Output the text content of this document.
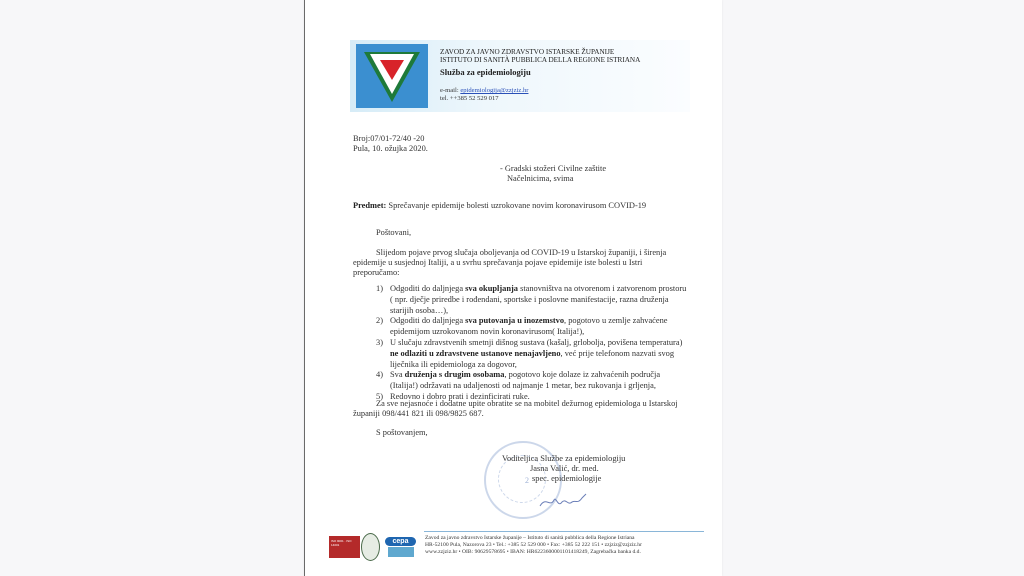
ZAVOD ZA JAVNO ZDRAVSTVO ISTARSKE ŽUPANIJE
ISTITUTO DI SANITÀ PUBBLICA DELLA REGIONE ISTRIANA
Služba za epidemiologiju
e-mail: epidemiologija@zzjziz.hr
tel. ++385 52 529 017
Broj:07/01-72/40 -20
Pula, 10. ožujka 2020.
- Gradski stožeri Civilne zaštite
Načelnicima, svima
Predmet: Sprečavanje epidemije bolesti uzrokovane novim koronavirusom COVID-19
Poštovani,
Slijedom pojave prvog slučaja oboljevanja od COVID-19 u Istarskoj županiji, i širenja
epidemije u susjednoj Italiji, a u svrhu sprečavanja pojave epidemije iste bolesti u Istri
preporučamo:
1) Odgoditi do daljnjega sva okupljanja stanovništva na otvorenom i zatvorenom prostoru ( npr. dječje priredbe i rođendani, sportske i poslovne manifestacije, razna druženja starijih osoba…),
2) Odgoditi do daljnjega sva putovanja u inozemstvo, pogotovo u zemlje zahvaćene epidemijom uzrokovanom novin koronavirusom( Italija!),
3) U slučaju zdravstvenih smetnji dišnog sustava (kašalj, grlobolja, povišena temperatura) ne odlaziti u zdravstvene ustanove nenajavljeno, već prije telefonom nazvati svog liječnika ili epidemiologa za dogovor,
4) Sva druženja s drugim osobama, pogotovo koje dolaze iz zahvaćenih područja (Italija!) održavati na udaljenosti od najmanje 1 metar, bez rukovanja i grljenja,
5) Redovno i dobro prati i dezinficirati ruke.
Za sve nejasnoće i dodatne upite obratite se na mobitel dežurnog epidemiologa u Istarskoj
županiji 098/441 821 ili 098/9825 687.
S poštovanjem,
2
Voditeljica Službe za epidemiologiju
Jasna Valić, dr. med.
spec. epidemiologije
ISO 9001 · ISO 14001	cepa	Zavod za javno zdravstvo Istarske županije – Istituto di sanità pubblica della Regione Istriana
HR-52100 Pula, Nazorova 23 • Tel.: +385 52 529 000 • Fax: +385 52 222 151 • zzjziz@zzjziz.hr
www.zzjziz.hr • OIB: 90629578695 • IBAN: HR6223600001101418249, Zagrebačka banka d.d.
